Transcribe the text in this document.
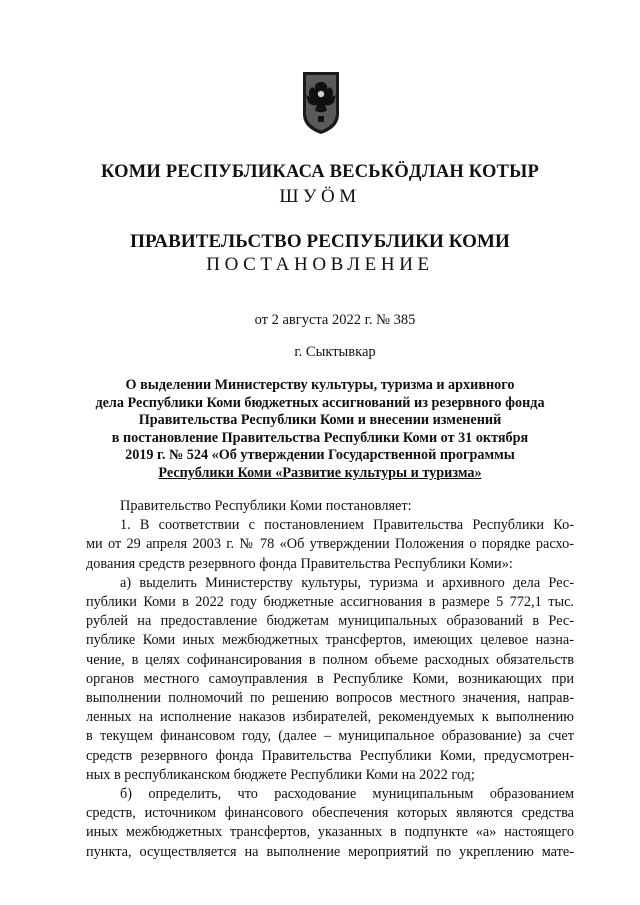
КОМИ РЕСПУБЛИКАСА ВЕСЬКӦДЛАН КОТЫР
ШУӦМ
ПРАВИТЕЛЬСТВО РЕСПУБЛИКИ КОМИ
ПОСТАНОВЛЕНИЕ
от 2 августа 2022 г. № 385
г. Сыктывкар
О выделении Министерству культуры, туризма и архивного
дела Республики Коми бюджетных ассигнований из резервного фонда
Правительства Республики Коми и внесении изменений
в постановление Правительства Республики Коми от 31 октября
2019 г. № 524 «Об утверждении Государственной программы
Республики Коми «Развитие культуры и туризма»
Правительство Республики Коми постановляет:
1. В соответствии с постановлением Правительства Республики Ко-
ми от 29 апреля 2003 г. № 78 «Об утверждении Положения о порядке расхо-
дования средств резервного фонда Правительства Республики Коми»:
а) выделить Министерству культуры, туризма и архивного дела Рес-
публики Коми в 2022 году бюджетные ассигнования в размере 5 772,1 тыс.
рублей на предоставление бюджетам муниципальных образований в Рес-
публике Коми иных межбюджетных трансфертов, имеющих целевое назна-
чение, в целях софинансирования в полном объеме расходных обязательств
органов местного самоуправления в Республике Коми, возникающих при
выполнении полномочий по решению вопросов местного значения, направ-
ленных на исполнение наказов избирателей, рекомендуемых к выполнению
в текущем финансовом году, (далее – муниципальное образование) за счет
средств резервного фонда Правительства Республики Коми, предусмотрен-
ных в республиканском бюджете Республики Коми на 2022 год;
б) определить, что расходование муниципальным образованием
средств, источником финансового обеспечения которых являются средства
иных межбюджетных трансфертов, указанных в подпункте «а» настоящего
пункта, осуществляется на выполнение мероприятий по укреплению мате-
